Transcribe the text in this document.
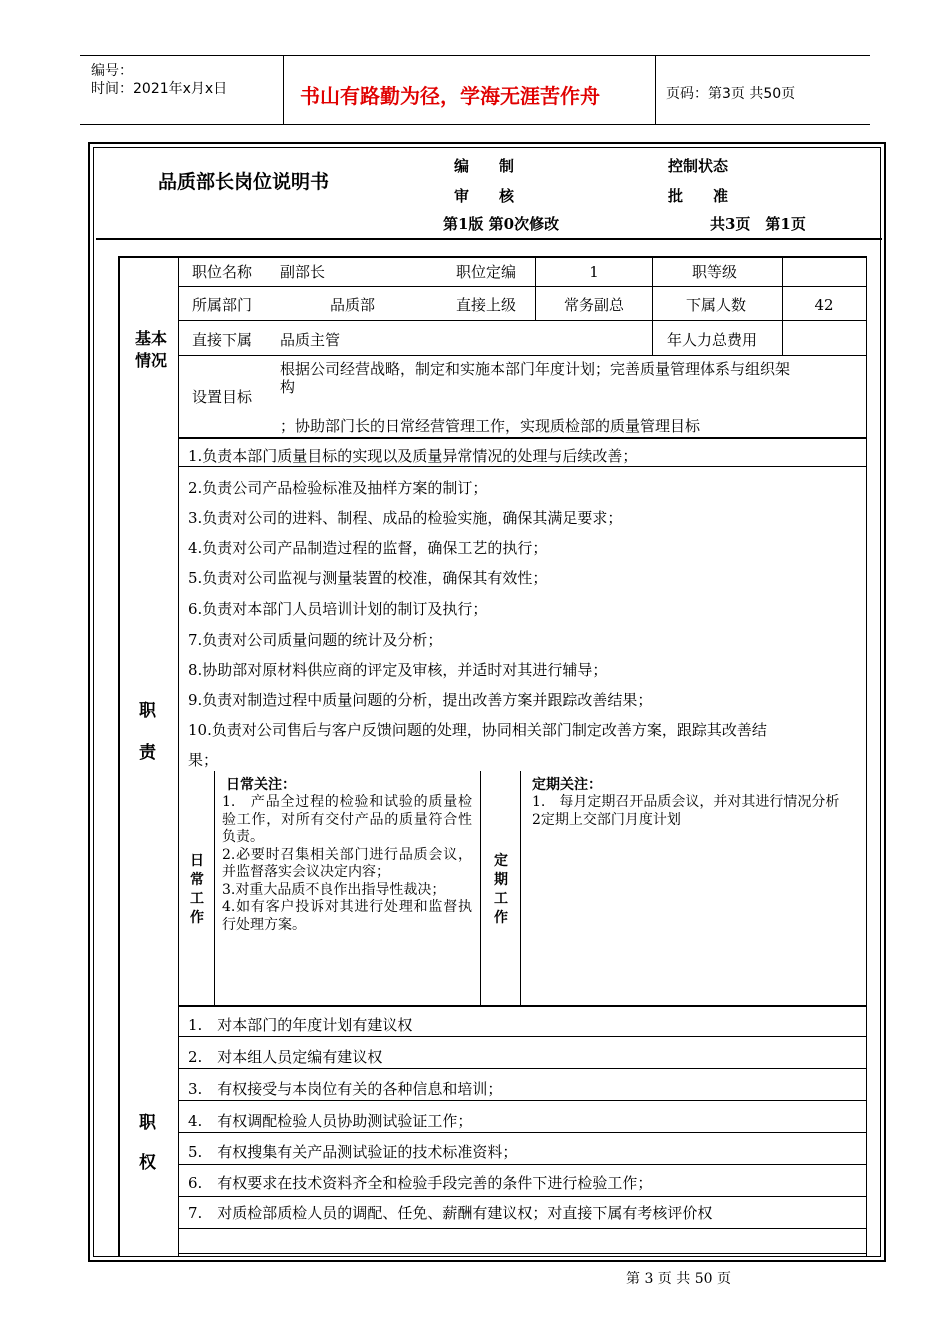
编号：
时间：2021年x月x日	书山有路勤为径，学海无涯苦作舟	页码：第3页 共50页
品质部长岗位说明书
编　　制
审　　核
第1版 第0次修改
控制状态
批　　准
共3页　第1页
基本
情况
职位名称 副部长	职位定编	1	职等级
所属部门	品质部	直接上级	常务副总	下属人数	42
直接下属 品质主管	年人力总费用
设置目标
根据公司经营战略，制定和实施本部门年度计划；完善质量管理体系与组织架
构
；协助部门长的日常经营管理工作，实现质检部的质量管理目标
职
责
1.负责本部门质量目标的实现以及质量异常情况的处理与后续改善；
2.负责公司产品检验标准及抽样方案的制订；
3.负责对公司的进料、制程、成品的检验实施，确保其满足要求；
4.负责对公司产品制造过程的监督，确保工艺的执行；
5.负责对公司监视与测量装置的校准，确保其有效性；
6.负责对本部门人员培训计划的制订及执行；
7.负责对公司质量问题的统计及分析；
8.协助部对原材料供应商的评定及审核，并适时对其进行辅导；
9.负责对制造过程中质量问题的分析，提出改善方案并跟踪改善结果；
10.负责对公司售后与客户反馈问题的处理，协同相关部门制定改善方案，跟踪其改善结
果；
日
常
工
作
日常关注：
1.　产品全过程的检验和试验的质量检验工作，对所有交付产品的质量符合性负责。
2.必要时召集相关部门进行品质会议，并监督落实会议决定内容；
3.对重大品质不良作出指导性裁决；
4.如有客户投诉对其进行处理和监督执行处理方案。
定
期
工
作
定期关注：
1.　每月定期召开品质会议，并对其进行情况分析
2定期上交部门月度计划
职
权
1.　对本部门的年度计划有建议权
2.　对本组人员定编有建议权
3.　有权接受与本岗位有关的各种信息和培训；
4.　有权调配检验人员协助测试验证工作；
5.　有权搜集有关产品测试验证的技术标准资料；
6.　有权要求在技术资料齐全和检验手段完善的条件下进行检验工作；
7.　对质检部质检人员的调配、任免、薪酬有建议权；对直接下属有考核评价权
第 3 页 共 50 页
